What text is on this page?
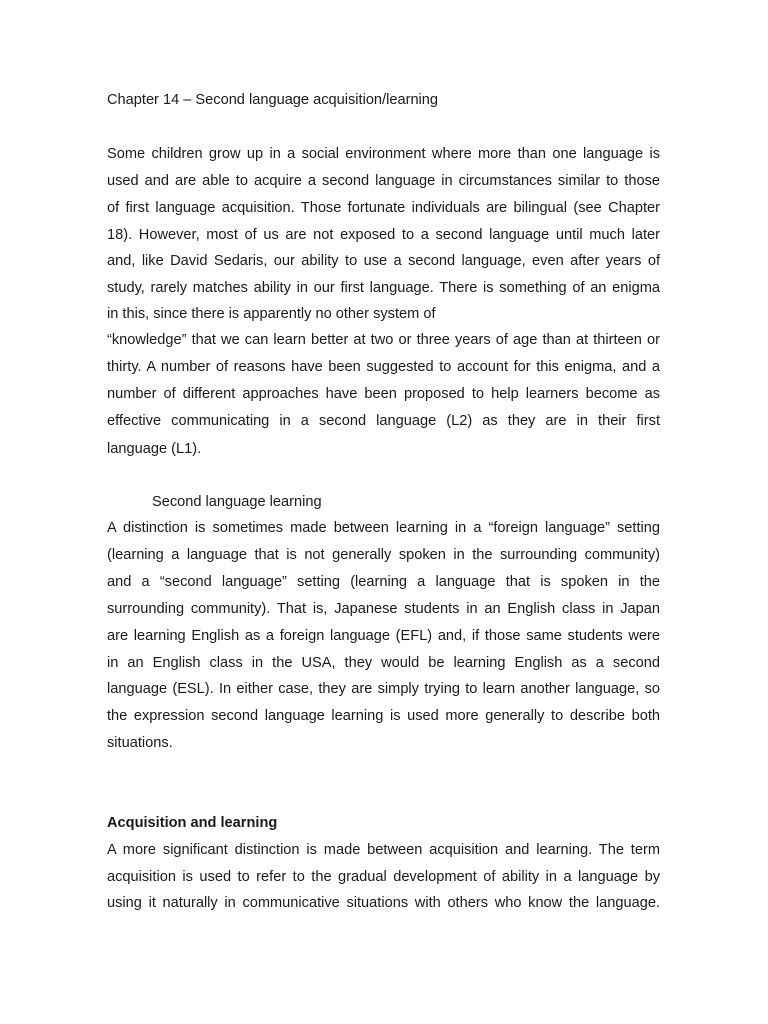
Chapter 14 – Second language acquisition/learning

Some children grow up in a social environment where more than one language is

used and are able to acquire a second language in circumstances similar to those

of first language acquisition. Those fortunate individuals are bilingual (see Chapter

18). However, most of us are not exposed to a second language until much later

and, like David Sedaris, our ability to use a second language, even after years of

study, rarely matches ability in our first language. There is something of an enigma

in this, since there is apparently no other system of

“knowledge” that we can learn better at two or three years of age than at thirteen or

thirty. A number of reasons have been suggested to account for this enigma, and a

number of different approaches have been proposed to help learners become as

effective communicating in a second language (L2) as they are in their first

language (L1).

Second language learning

A distinction is sometimes made between learning in a “foreign language” setting

(learning a language that is not generally spoken in the surrounding community)

and a “second language” setting (learning a language that is spoken in the

surrounding community). That is, Japanese students in an English class in Japan

are learning English as a foreign language (EFL) and, if those same students were

in an English class in the USA, they would be learning English as a second

language (ESL). In either case, they are simply trying to learn another language, so

the expression second language learning is used more generally to describe both

situations.

Acquisition and learning

A more significant distinction is made between acquisition and learning. The term

acquisition is used to refer to the gradual development of ability in a language by

using it naturally in communicative situations with others who know the language.
